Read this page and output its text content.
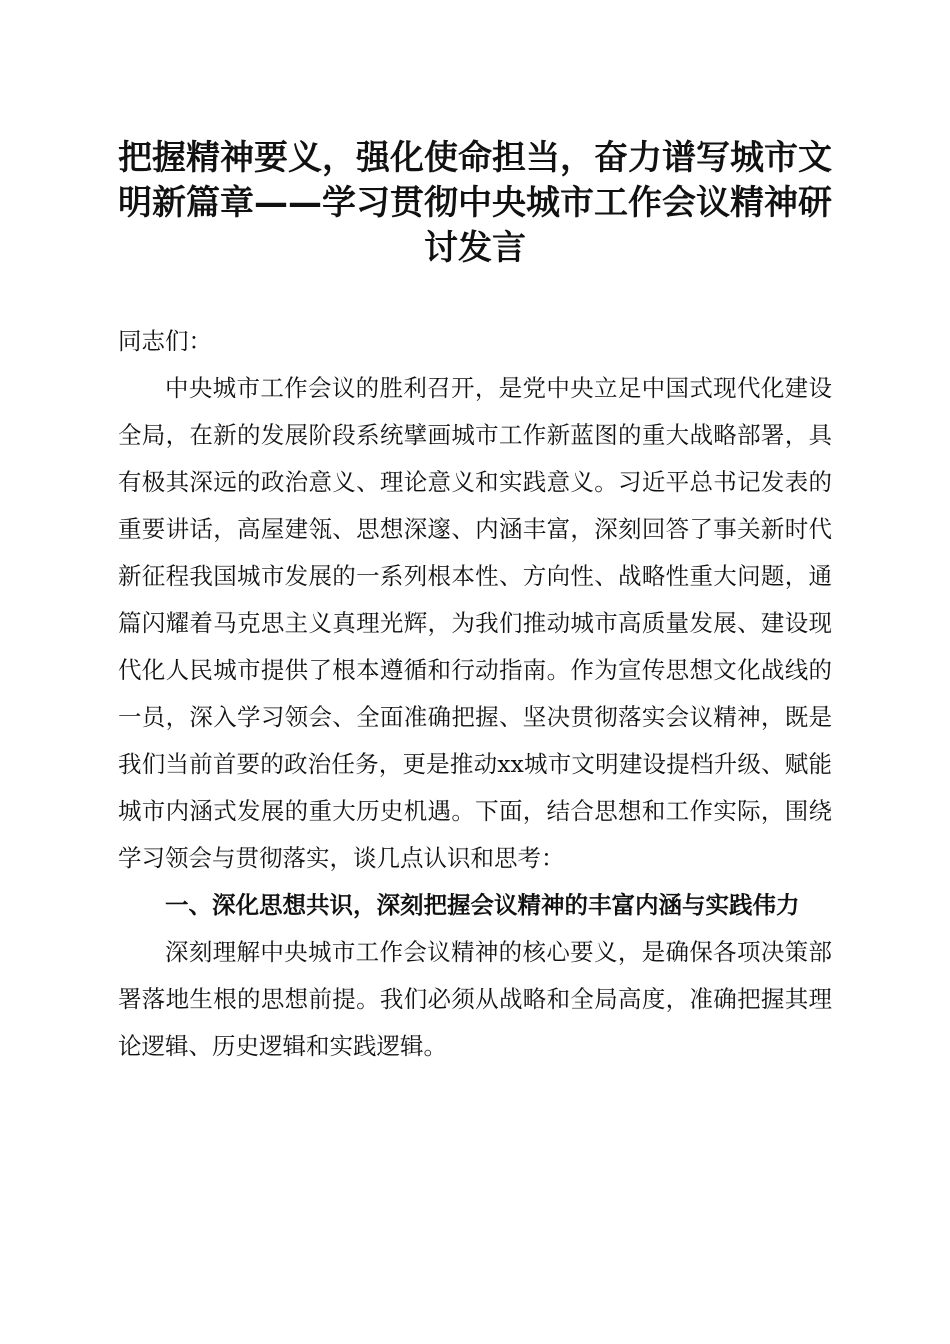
把握精神要义，强化使命担当，奋力谱写城市文明新篇章——学习贯彻中央城市工作会议精神研讨发言

同志们：

中央城市工作会议的胜利召开，是党中央立足中国式现代化建设全局，在新的发展阶段系统擘画城市工作新蓝图的重大战略部署，具有极其深远的政治意义、理论意义和实践意义。习近平总书记发表的重要讲话，高屋建瓴、思想深邃、内涵丰富，深刻回答了事关新时代新征程我国城市发展的一系列根本性、方向性、战略性重大问题，通篇闪耀着马克思主义真理光辉，为我们推动城市高质量发展、建设现代化人民城市提供了根本遵循和行动指南。作为宣传思想文化战线的一员，深入学习领会、全面准确把握、坚决贯彻落实会议精神，既是我们当前首要的政治任务，更是推动xx城市文明建设提档升级、赋能城市内涵式发展的重大历史机遇。下面，结合思想和工作实际，围绕学习领会与贯彻落实，谈几点认识和思考：

一、深化思想共识，深刻把握会议精神的丰富内涵与实践伟力

深刻理解中央城市工作会议精神的核心要义，是确保各项决策部署落地生根的思想前提。我们必须从战略和全局高度，准确把握其理论逻辑、历史逻辑和实践逻辑。
